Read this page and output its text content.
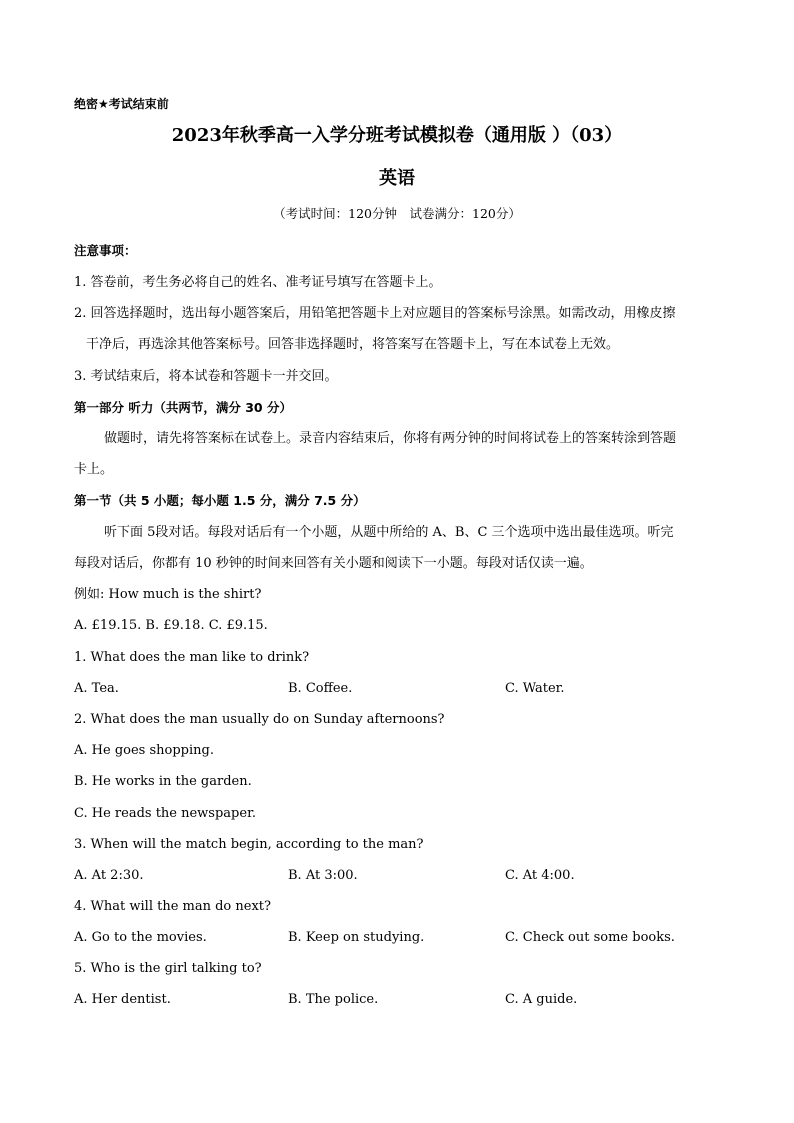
绝密★考试结束前
2023年秋季高一入学分班考试模拟卷（通用版 ）（03）
英语
（考试时间：120分钟　试卷满分：120分）
注意事项：
1. 答卷前，考生务必将自己的姓名、准考证号填写在答题卡上。
2. 回答选择题时，选出每小题答案后，用铅笔把答题卡上对应题目的答案标号涂黑。如需改动，用橡皮擦
干净后，再选涂其他答案标号。回答非选择题时，将答案写在答题卡上，写在本试卷上无效。
3. 考试结束后，将本试卷和答题卡一并交回。
第一部分 听力（共两节，满分 30 分）
做题时，请先将答案标在试卷上。录音内容结束后，你将有两分钟的时间将试卷上的答案转涂到答题
卡上。
第一节（共 5 小题；每小题 1.5 分，满分 7.5 分）
听下面 5段对话。每段对话后有一个小题，从题中所给的 A、B、C 三个选项中选出最佳选项。听完
每段对话后，你都有 10 秒钟的时间来回答有关小题和阅读下一小题。每段对话仅读一遍。
例如: How much is the shirt?
A. £19.15. B. £9.18. C. £9.15.
1. What does the man like to drink?
A. Tea.	B. Coffee.	C. Water.
2. What does the man usually do on Sunday afternoons?
A. He goes shopping.
B. He works in the garden.
C. He reads the newspaper.
3. When will the match begin, according to the man?
A. At 2:30.	B. At 3:00.	C. At 4:00.
4. What will the man do next?
A. Go to the movies.	B. Keep on studying.	C. Check out some books.
5. Who is the girl talking to?
A. Her dentist.	B. The police.	C. A guide.
